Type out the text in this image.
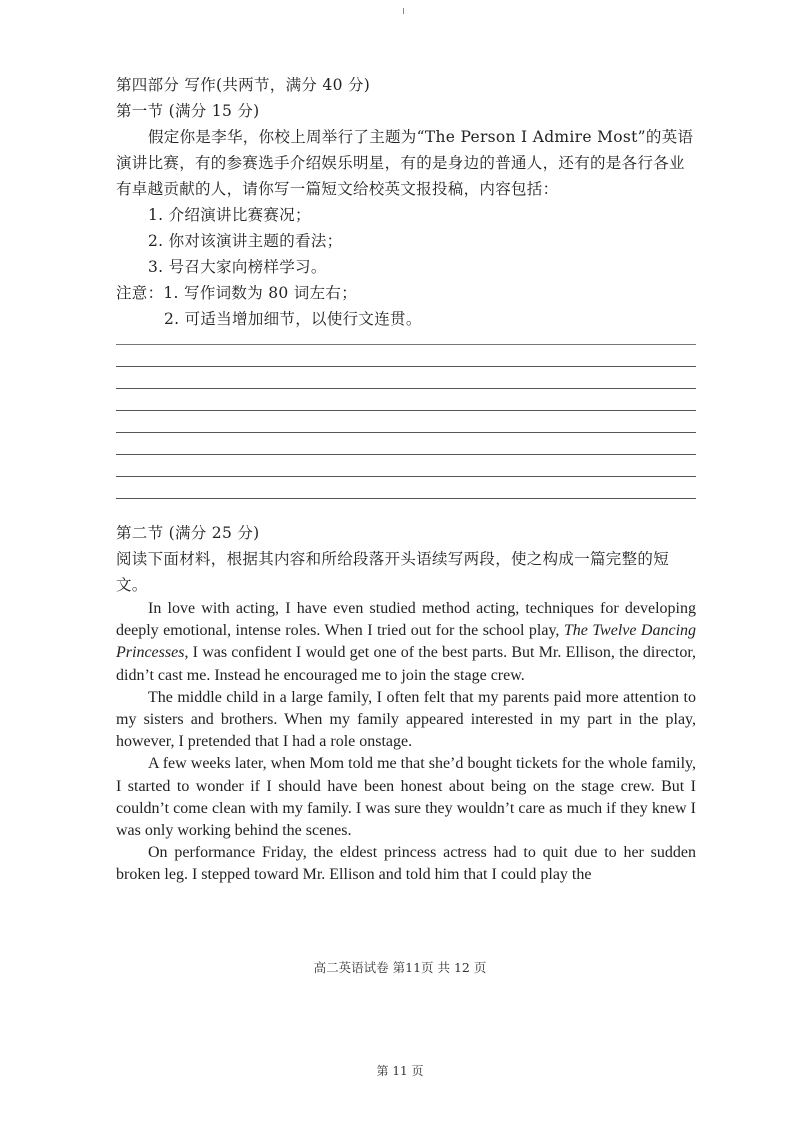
第四部分 写作(共两节，满分 40 分)

第一节 (满分 15 分)

假定你是李华，你校上周举行了主题为“The Person I Admire Most”的英语演讲比赛，有的参赛选手介绍娱乐明星，有的是身边的普通人，还有的是各行各业有卓越贡献的人，请你写一篇短文给校英文报投稿，内容包括：

1. 介绍演讲比赛赛况；

2. 你对该演讲主题的看法；

3. 号召大家向榜样学习。

注意：1. 写作词数为 80 词左右；

2. 可适当增加细节，以使行文连贯。

第二节 (满分 25 分)

阅读下面材料，根据其内容和所给段落开头语续写两段，使之构成一篇完整的短文。

In love with acting, I have even studied method acting, techniques for developing deeply emotional, intense roles. When I tried out for the school play, The Twelve Dancing Princesses, I was confident I would get one of the best parts. But Mr. Ellison, the director, didn’t cast me. Instead he encouraged me to join the stage crew.

The middle child in a large family, I often felt that my parents paid more attention to my sisters and brothers. When my family appeared interested in my part in the play, however, I pretended that I had a role onstage.

A few weeks later, when Mom told me that she’d bought tickets for the whole family, I started to wonder if I should have been honest about being on the stage crew. But I couldn’t come clean with my family. I was sure they wouldn’t care as much if they knew I was only working behind the scenes.

On performance Friday, the eldest princess actress had to quit due to her sudden broken leg. I stepped toward Mr. Ellison and told him that I could play the

高二英语试卷 第11页 共 12 页
第 11 页
